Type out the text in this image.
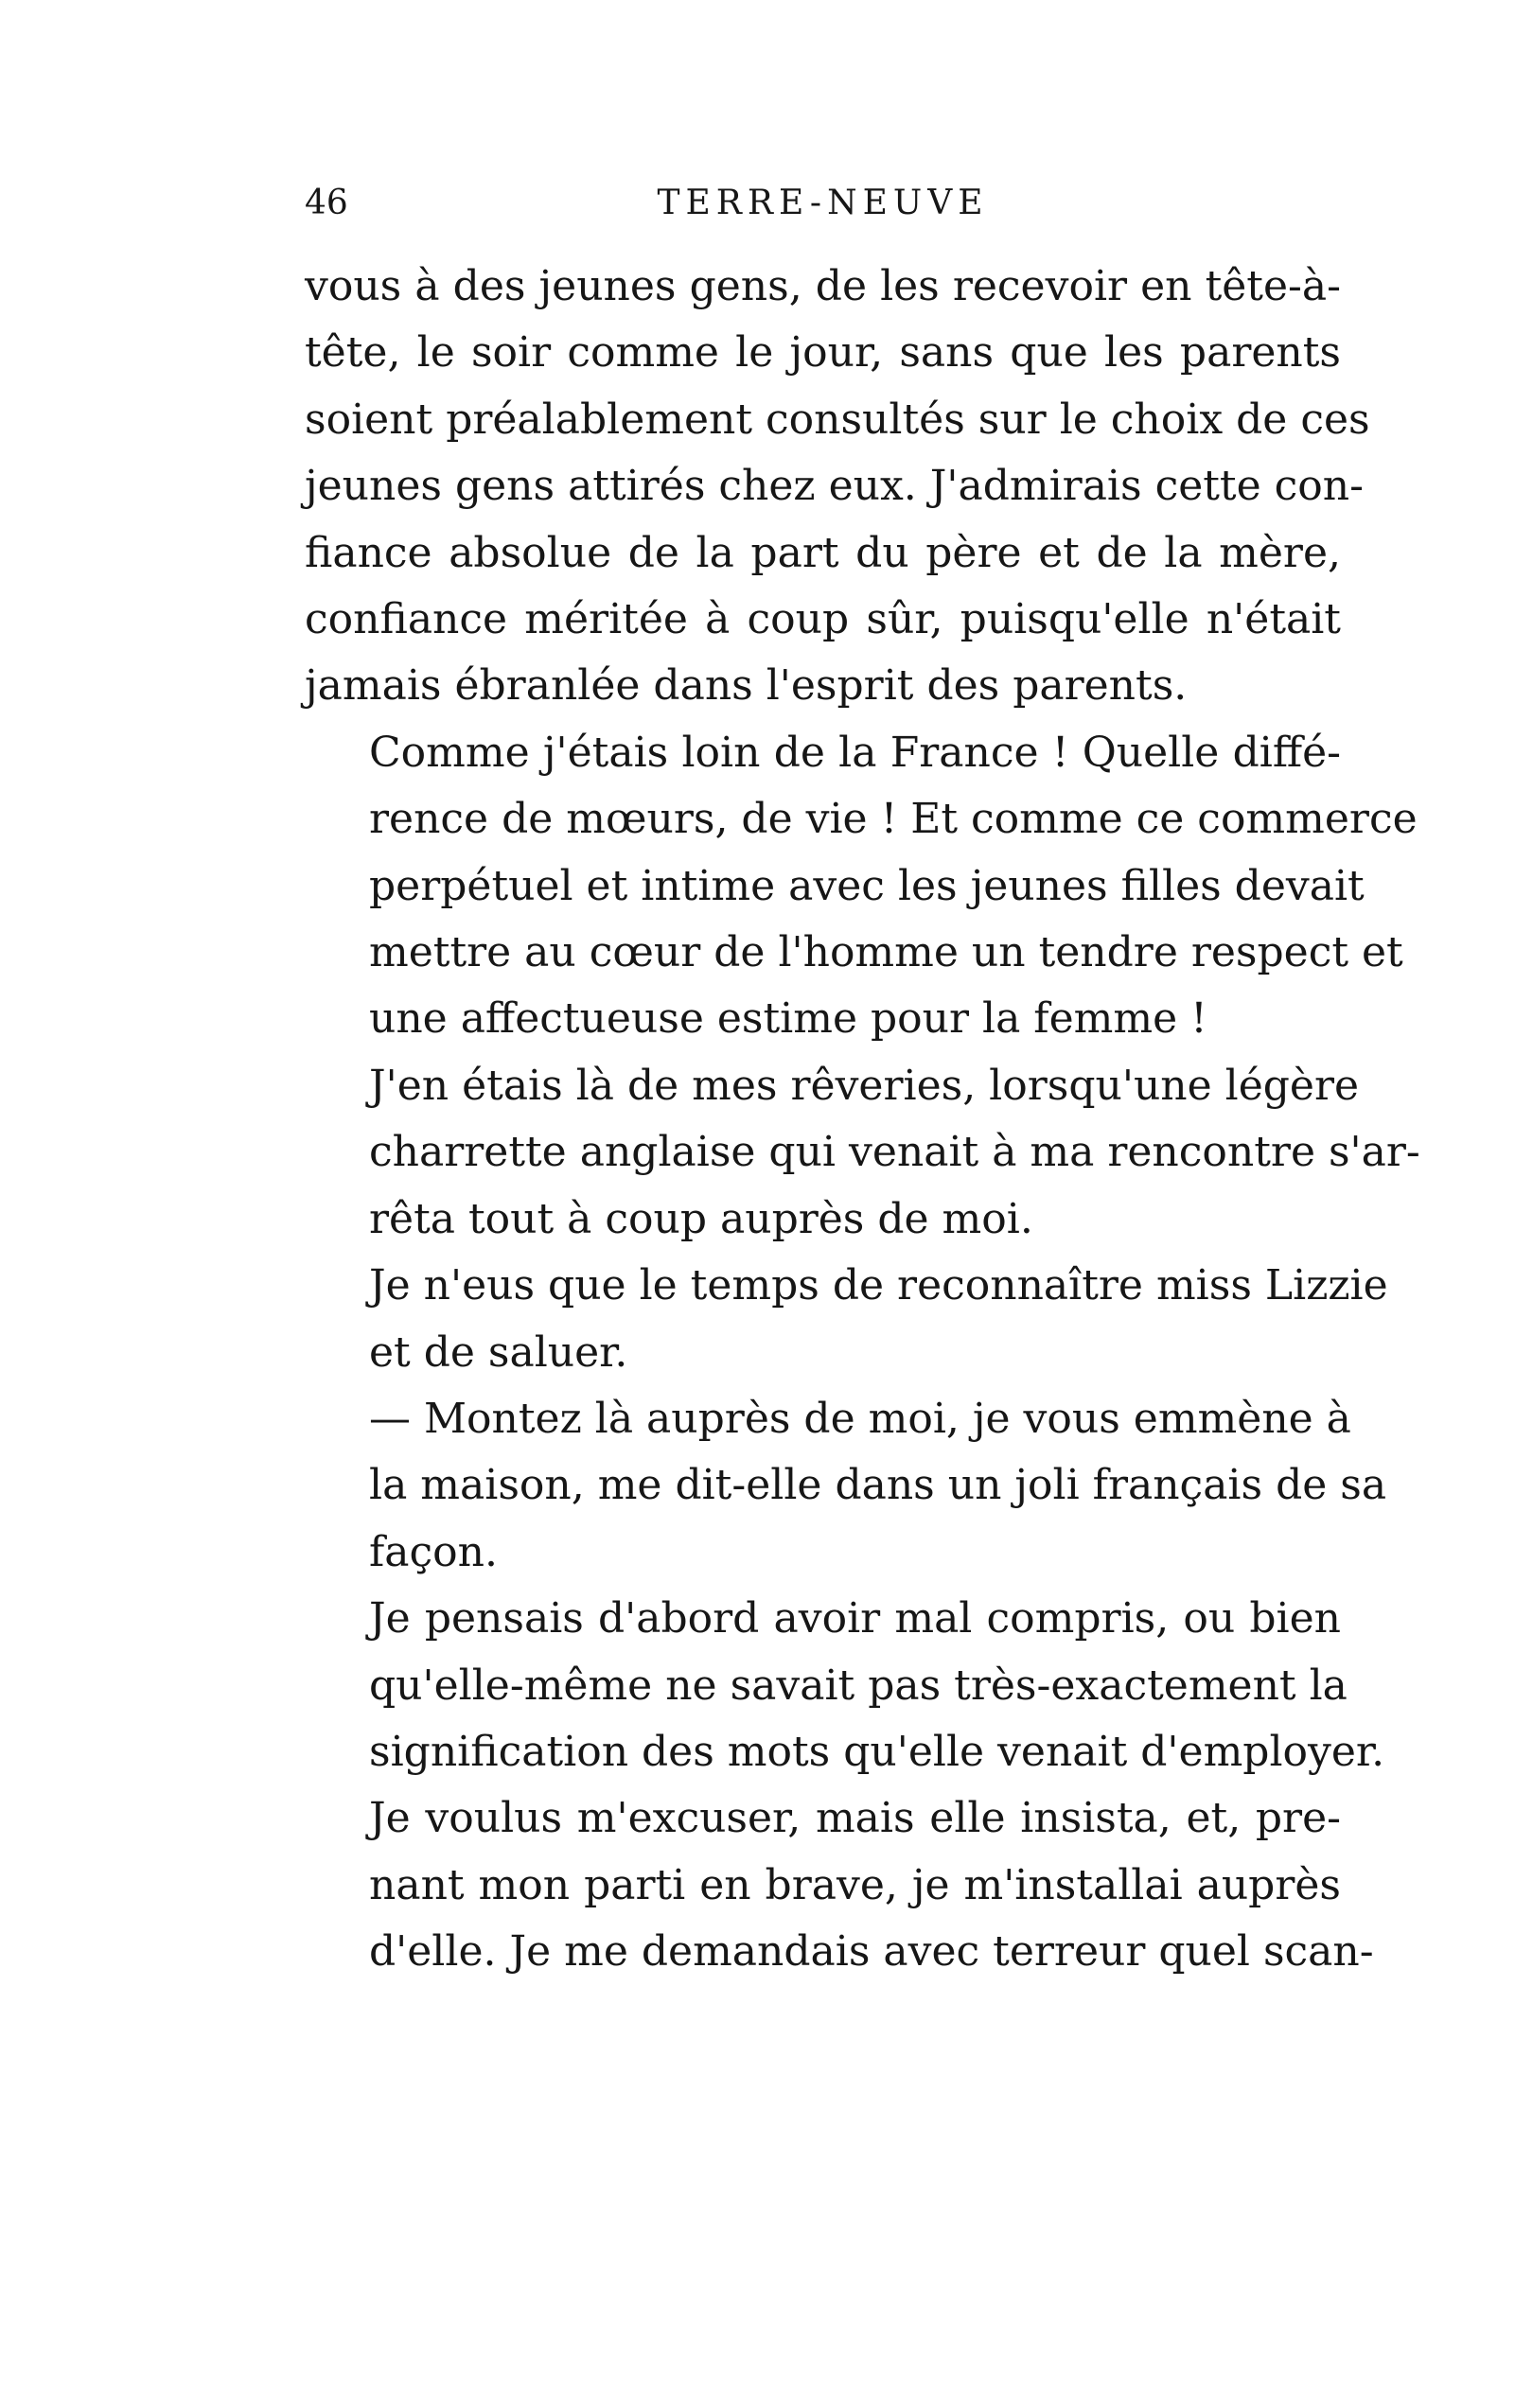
46	TERRE-NEUVE

vous à des jeunes gens, de les recevoir en tête-à-
tête, le soir comme le jour, sans que les parents
soient préalablement consultés sur le choix de ces
jeunes gens attirés chez eux. J'admirais cette con-
fiance absolue de la part du père et de la mère,
confiance méritée à coup sûr, puisqu'elle n'était
jamais ébranlée dans l'esprit des parents.

Comme j'étais loin de la France ! Quelle diffé-
rence de mœurs, de vie ! Et comme ce commerce
perpétuel et intime avec les jeunes filles devait
mettre au cœur de l'homme un tendre respect et
une affectueuse estime pour la femme !

J'en étais là de mes rêveries, lorsqu'une légère
charrette anglaise qui venait à ma rencontre s'ar-
rêta tout à coup auprès de moi.

Je n'eus que le temps de reconnaître miss Lizzie
et de saluer.

— Montez là auprès de moi, je vous emmène à
la maison, me dit-elle dans un joli français de sa
façon.

Je pensais d'abord avoir mal compris, ou bien
qu'elle-même ne savait pas très-exactement la
signification des mots qu'elle venait d'employer.

Je voulus m'excuser, mais elle insista, et, pre-
nant mon parti en brave, je m'installai auprès
d'elle. Je me demandais avec terreur quel scan-
